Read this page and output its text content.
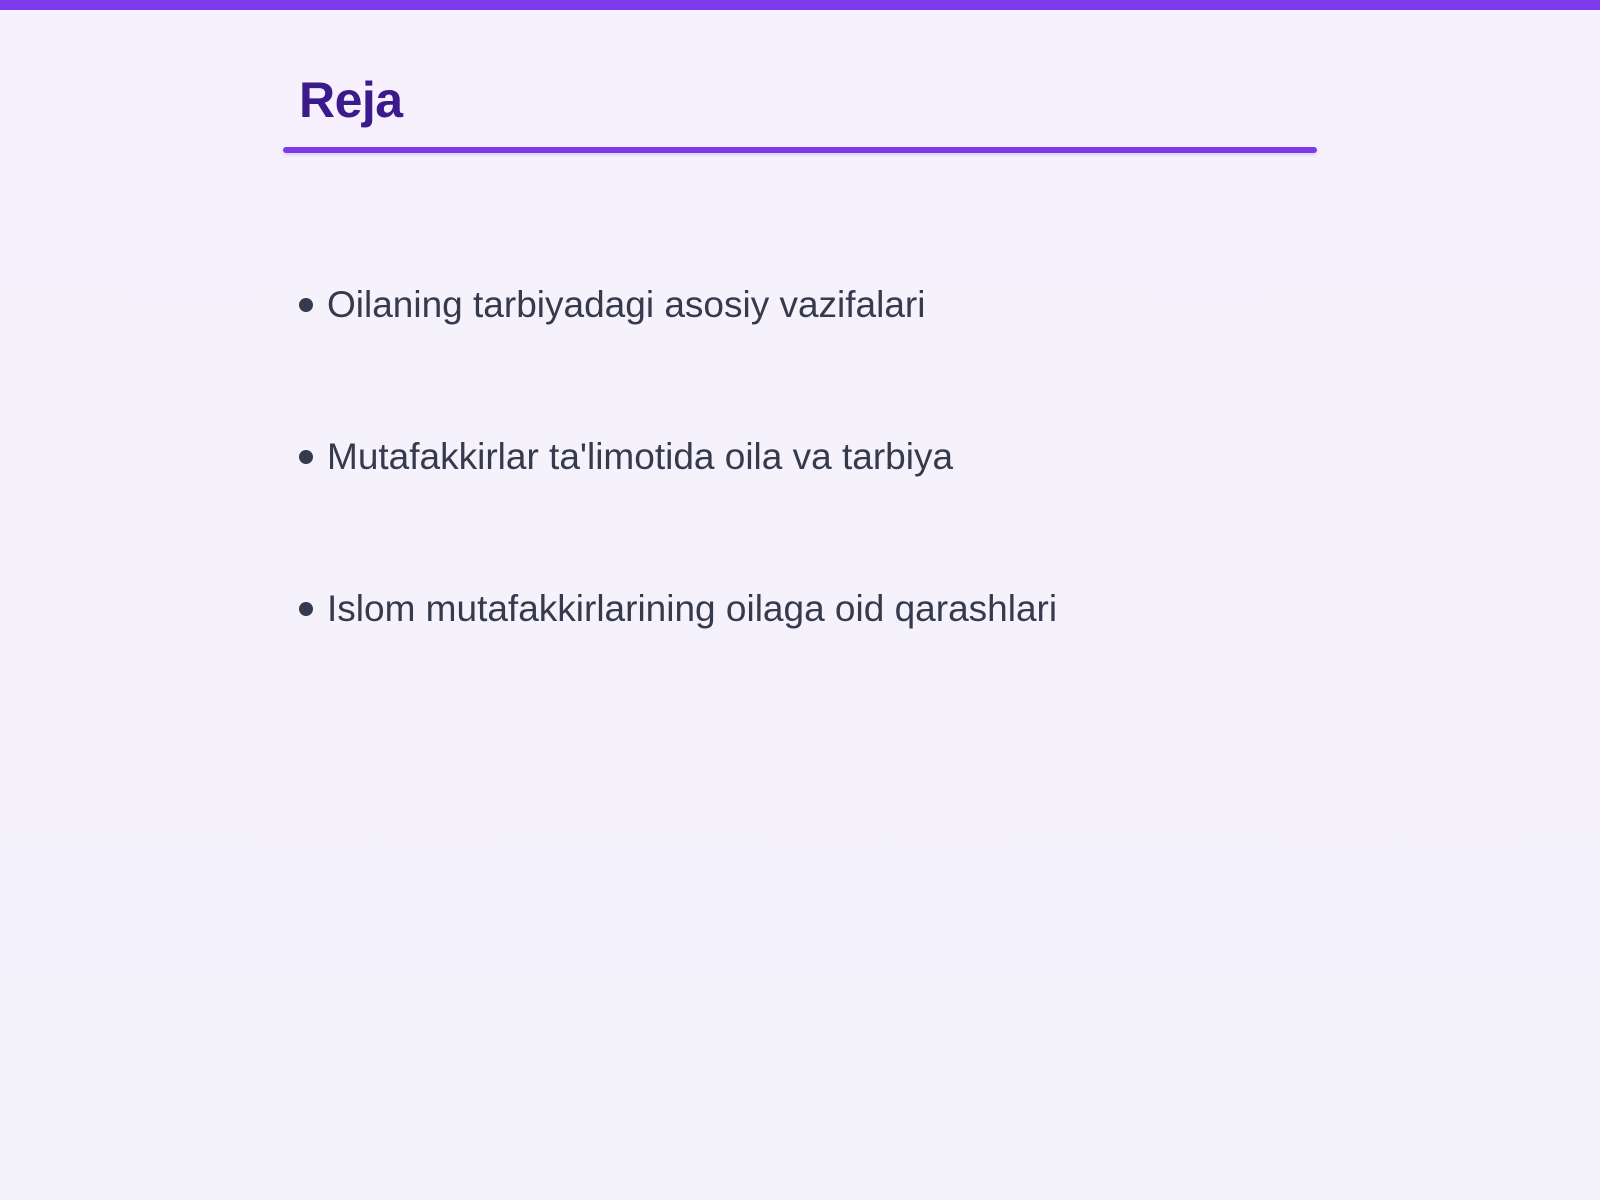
Reja
Oilaning tarbiyadagi asosiy vazifalari
Mutafakkirlar ta'limotida oila va tarbiya
Islom mutafakkirlarining oilaga oid qarashlari
